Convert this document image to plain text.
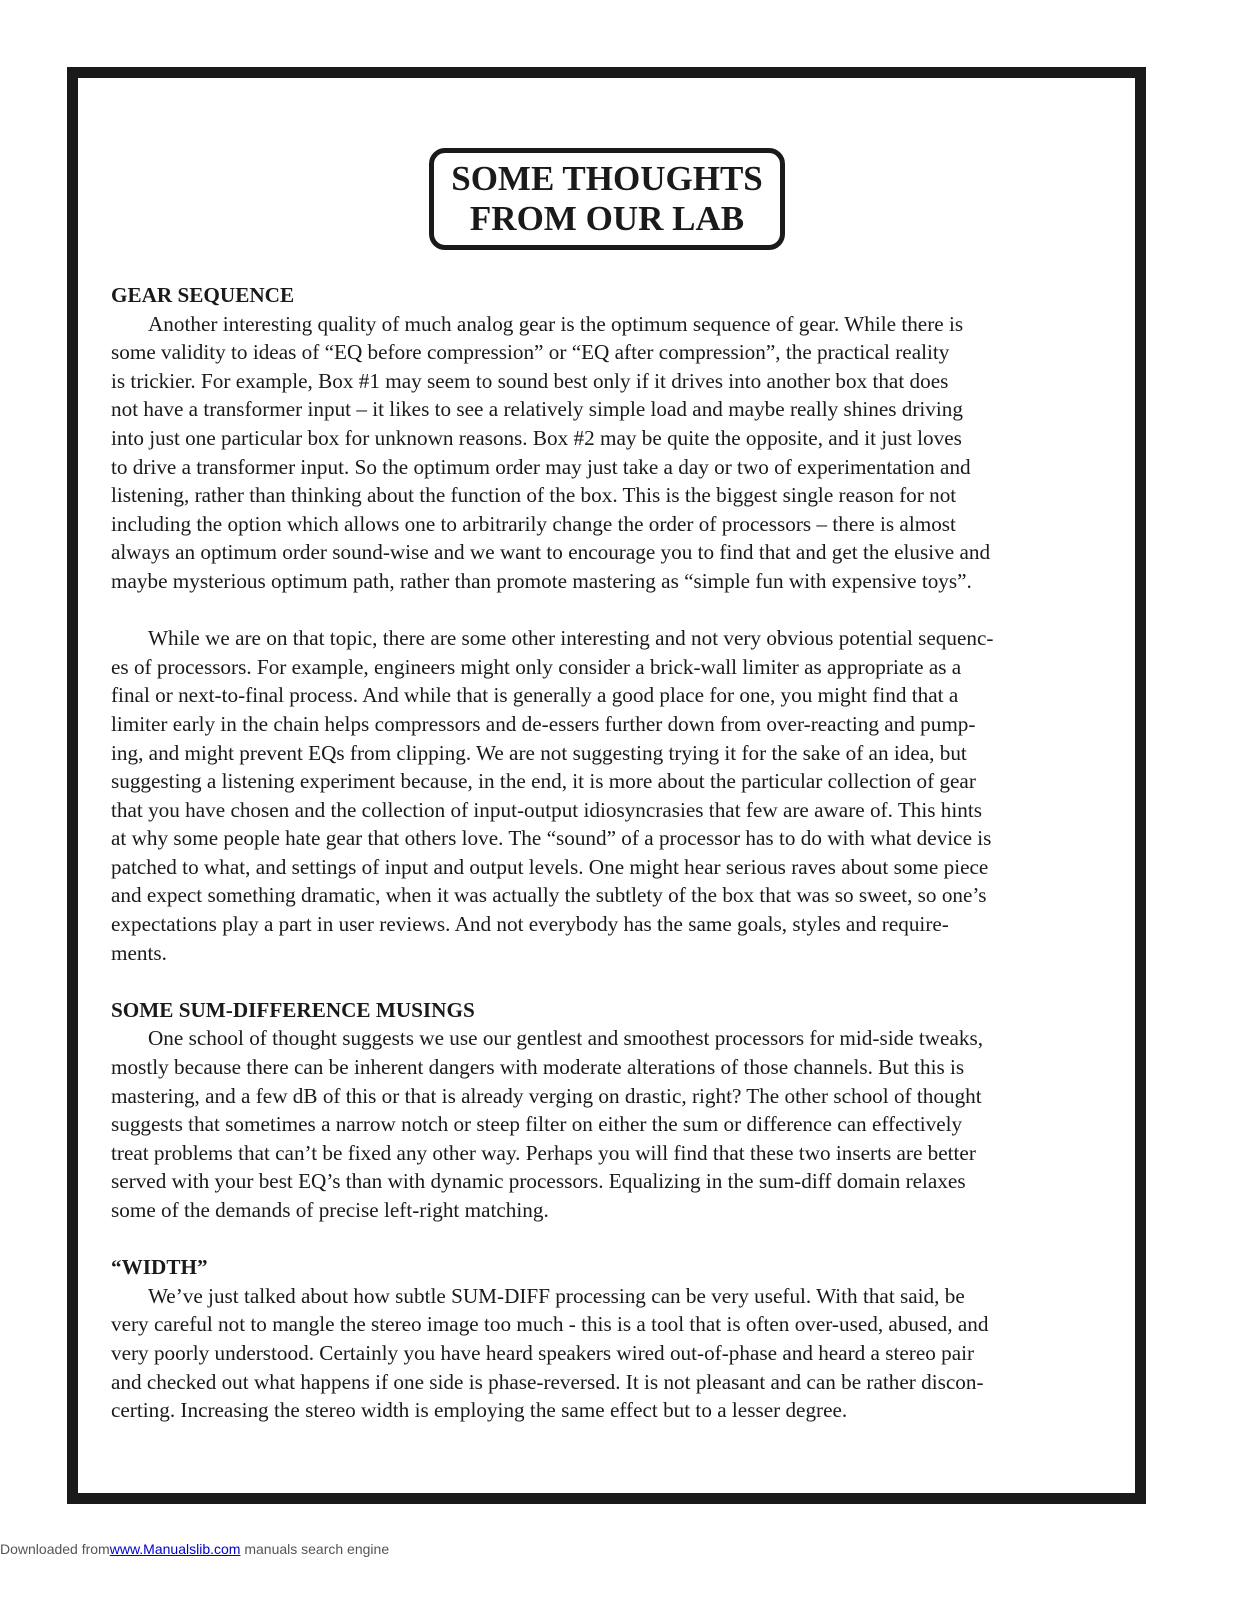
SOME THOUGHTS
FROM OUR LAB
GEAR SEQUENCE
Another interesting quality of much analog gear is the optimum sequence of gear. While there is
some validity to ideas of “EQ before compression” or “EQ after compression”, the practical reality
is trickier. For example, Box #1 may seem to sound best only if it drives into another box that does
not have a transformer input – it likes to see a relatively simple load and maybe really shines driving
into just one particular box for unknown reasons. Box #2 may be quite the opposite, and it just loves
to drive a transformer input. So the optimum order may just take a day or two of experimentation and
listening, rather than thinking about the function of the box. This is the biggest single reason for not
including the option which allows one to arbitrarily change the order of processors – there is almost
always an optimum order sound-wise and we want to encourage you to find that and get the elusive and
maybe mysterious optimum path, rather than promote mastering as “simple fun with expensive toys”.
While we are on that topic, there are some other interesting and not very obvious potential sequenc-
es of processors. For example, engineers might only consider a brick-wall limiter as appropriate as a
final or next-to-final process. And while that is generally a good place for one, you might find that a
limiter early in the chain helps compressors and de-essers further down from over-reacting and pump-
ing, and might prevent EQs from clipping. We are not suggesting trying it for the sake of an idea, but
suggesting a listening experiment because, in the end, it is more about the particular collection of gear
that you have chosen and the collection of input-output idiosyncrasies that few are aware of. This hints
at why some people hate gear that others love. The “sound” of a processor has to do with what device is
patched to what, and settings of input and output levels. One might hear serious raves about some piece
and expect something dramatic, when it was actually the subtlety of the box that was so sweet, so one’s
expectations play a part in user reviews. And not everybody has the same goals, styles and require-
ments.
SOME SUM-DIFFERENCE MUSINGS
One school of thought suggests we use our gentlest and smoothest processors for mid-side tweaks,
mostly because there can be inherent dangers with moderate alterations of those channels. But this is
mastering, and a few dB of this or that is already verging on drastic, right? The other school of thought
suggests that sometimes a narrow notch or steep filter on either the sum or difference can effectively
treat problems that can’t be fixed any other way. Perhaps you will find that these two inserts are better
served with your best EQ’s than with dynamic processors. Equalizing in the sum-diff domain relaxes
some of the demands of precise left-right matching.
“WIDTH”
We’ve just talked about how subtle SUM-DIFF processing can be very useful. With that said, be
very careful not to mangle the stereo image too much - this is a tool that is often over-used, abused, and
very poorly understood. Certainly you have heard speakers wired out-of-phase and heard a stereo pair
and checked out what happens if one side is phase-reversed. It is not pleasant and can be rather discon-
certing. Increasing the stereo width is employing the same effect but to a lesser degree.
Downloaded fromwww.Manualslib.com manuals search engine
